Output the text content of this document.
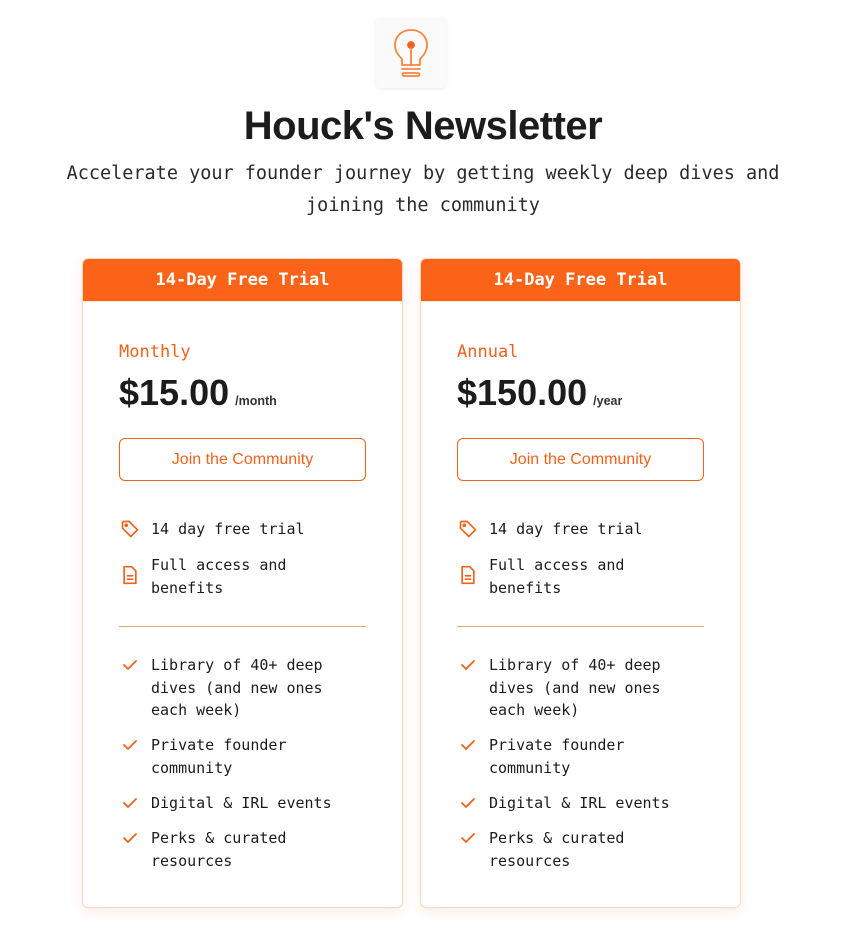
Houck's Newsletter

Accelerate your founder journey by getting weekly deep dives and joining the community

14-Day Free Trial
Monthly
$15.00 /month
Join the Community
14 day free trial
Full access and benefits
Library of 40+ deep dives (and new ones each week)
Private founder community
Digital & IRL events
Perks & curated resources
14-Day Free Trial
Annual
$150.00 /year
Join the Community
14 day free trial
Full access and benefits
Library of 40+ deep dives (and new ones each week)
Private founder community
Digital & IRL events
Perks & curated resources
